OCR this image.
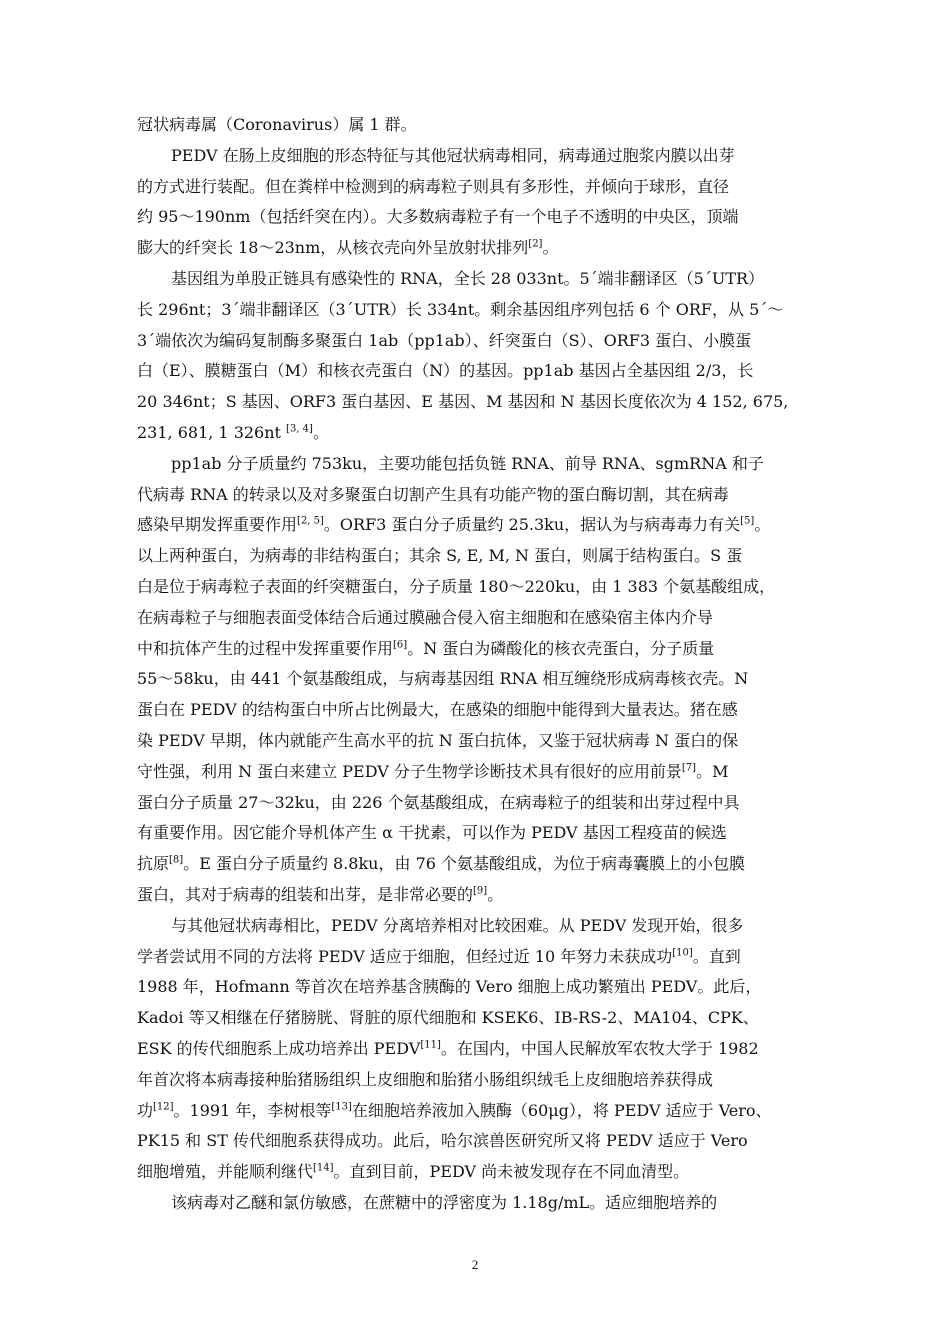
冠状病毒属（Coronavirus）属 1 群。
PEDV 在肠上皮细胞的形态特征与其他冠状病毒相同，病毒通过胞浆内膜以出芽
的方式进行装配。但在粪样中检测到的病毒粒子则具有多形性，并倾向于球形，直径
约 95～190nm（包括纤突在内）。大多数病毒粒子有一个电子不透明的中央区，顶端
膨大的纤突长 18～23nm，从核衣壳向外呈放射状排列[2]。
基因组为单股正链具有感染性的 RNA，全长 28 033nt。5´端非翻译区（5´UTR）
长 296nt；3´端非翻译区（3´UTR）长 334nt。剩余基因组序列包括 6 个 ORF，从 5´～
3´端依次为编码复制酶多聚蛋白 1ab（pp1ab）、纤突蛋白（S）、ORF3 蛋白、小膜蛋
白（E）、膜糖蛋白（M）和核衣壳蛋白（N）的基因。pp1ab 基因占全基因组 2/3，长
20 346nt；S 基因、ORF3 蛋白基因、E 基因、M 基因和 N 基因长度依次为 4 152, 675,
231, 681, 1 326nt [3, 4]。
pp1ab 分子质量约 753ku，主要功能包括负链 RNA、前导 RNA、sgmRNA 和子
代病毒 RNA 的转录以及对多聚蛋白切割产生具有功能产物的蛋白酶切割，其在病毒
感染早期发挥重要作用[2, 5]。ORF3 蛋白分子质量约 25.3ku，据认为与病毒毒力有关[5]。
以上两种蛋白，为病毒的非结构蛋白；其余 S, E, M, N 蛋白，则属于结构蛋白。S 蛋
白是位于病毒粒子表面的纤突糖蛋白，分子质量 180～220ku，由 1 383 个氨基酸组成，
在病毒粒子与细胞表面受体结合后通过膜融合侵入宿主细胞和在感染宿主体内介导
中和抗体产生的过程中发挥重要作用[6]。N 蛋白为磷酸化的核衣壳蛋白，分子质量
55～58ku，由 441 个氨基酸组成，与病毒基因组 RNA 相互缠绕形成病毒核衣壳。N
蛋白在 PEDV 的结构蛋白中所占比例最大，在感染的细胞中能得到大量表达。猪在感
染 PEDV 早期，体内就能产生高水平的抗 N 蛋白抗体，又鉴于冠状病毒 N 蛋白的保
守性强，利用 N 蛋白来建立 PEDV 分子生物学诊断技术具有很好的应用前景[7]。M
蛋白分子质量 27～32ku，由 226 个氨基酸组成，在病毒粒子的组装和出芽过程中具
有重要作用。因它能介导机体产生 α 干扰素，可以作为 PEDV 基因工程疫苗的候选
抗原[8]。E 蛋白分子质量约 8.8ku，由 76 个氨基酸组成，为位于病毒囊膜上的小包膜
蛋白，其对于病毒的组装和出芽，是非常必要的[9]。
与其他冠状病毒相比，PEDV 分离培养相对比较困难。从 PEDV 发现开始，很多
学者尝试用不同的方法将 PEDV 适应于细胞，但经过近 10 年努力未获成功[10]。直到
1988 年，Hofmann 等首次在培养基含胰酶的 Vero 细胞上成功繁殖出 PEDV。此后，
Kadoi 等又相继在仔猪膀胱、肾脏的原代细胞和 KSEK6、IB-RS-2、MA104、CPK、
ESK 的传代细胞系上成功培养出 PEDV[11]。在国内，中国人民解放军农牧大学于 1982
年首次将本病毒接种胎猪肠组织上皮细胞和胎猪小肠组织绒毛上皮细胞培养获得成
功[12]。1991 年，李树根等[13]在细胞培养液加入胰酶（60μg），将 PEDV 适应于 Vero、
PK15 和 ST 传代细胞系获得成功。此后，哈尔滨兽医研究所又将 PEDV 适应于 Vero
细胞增殖，并能顺利继代[14]。直到目前，PEDV 尚未被发现存在不同血清型。
该病毒对乙醚和氯仿敏感，在蔗糖中的浮密度为 1.18g/mL。适应细胞培养的
2
